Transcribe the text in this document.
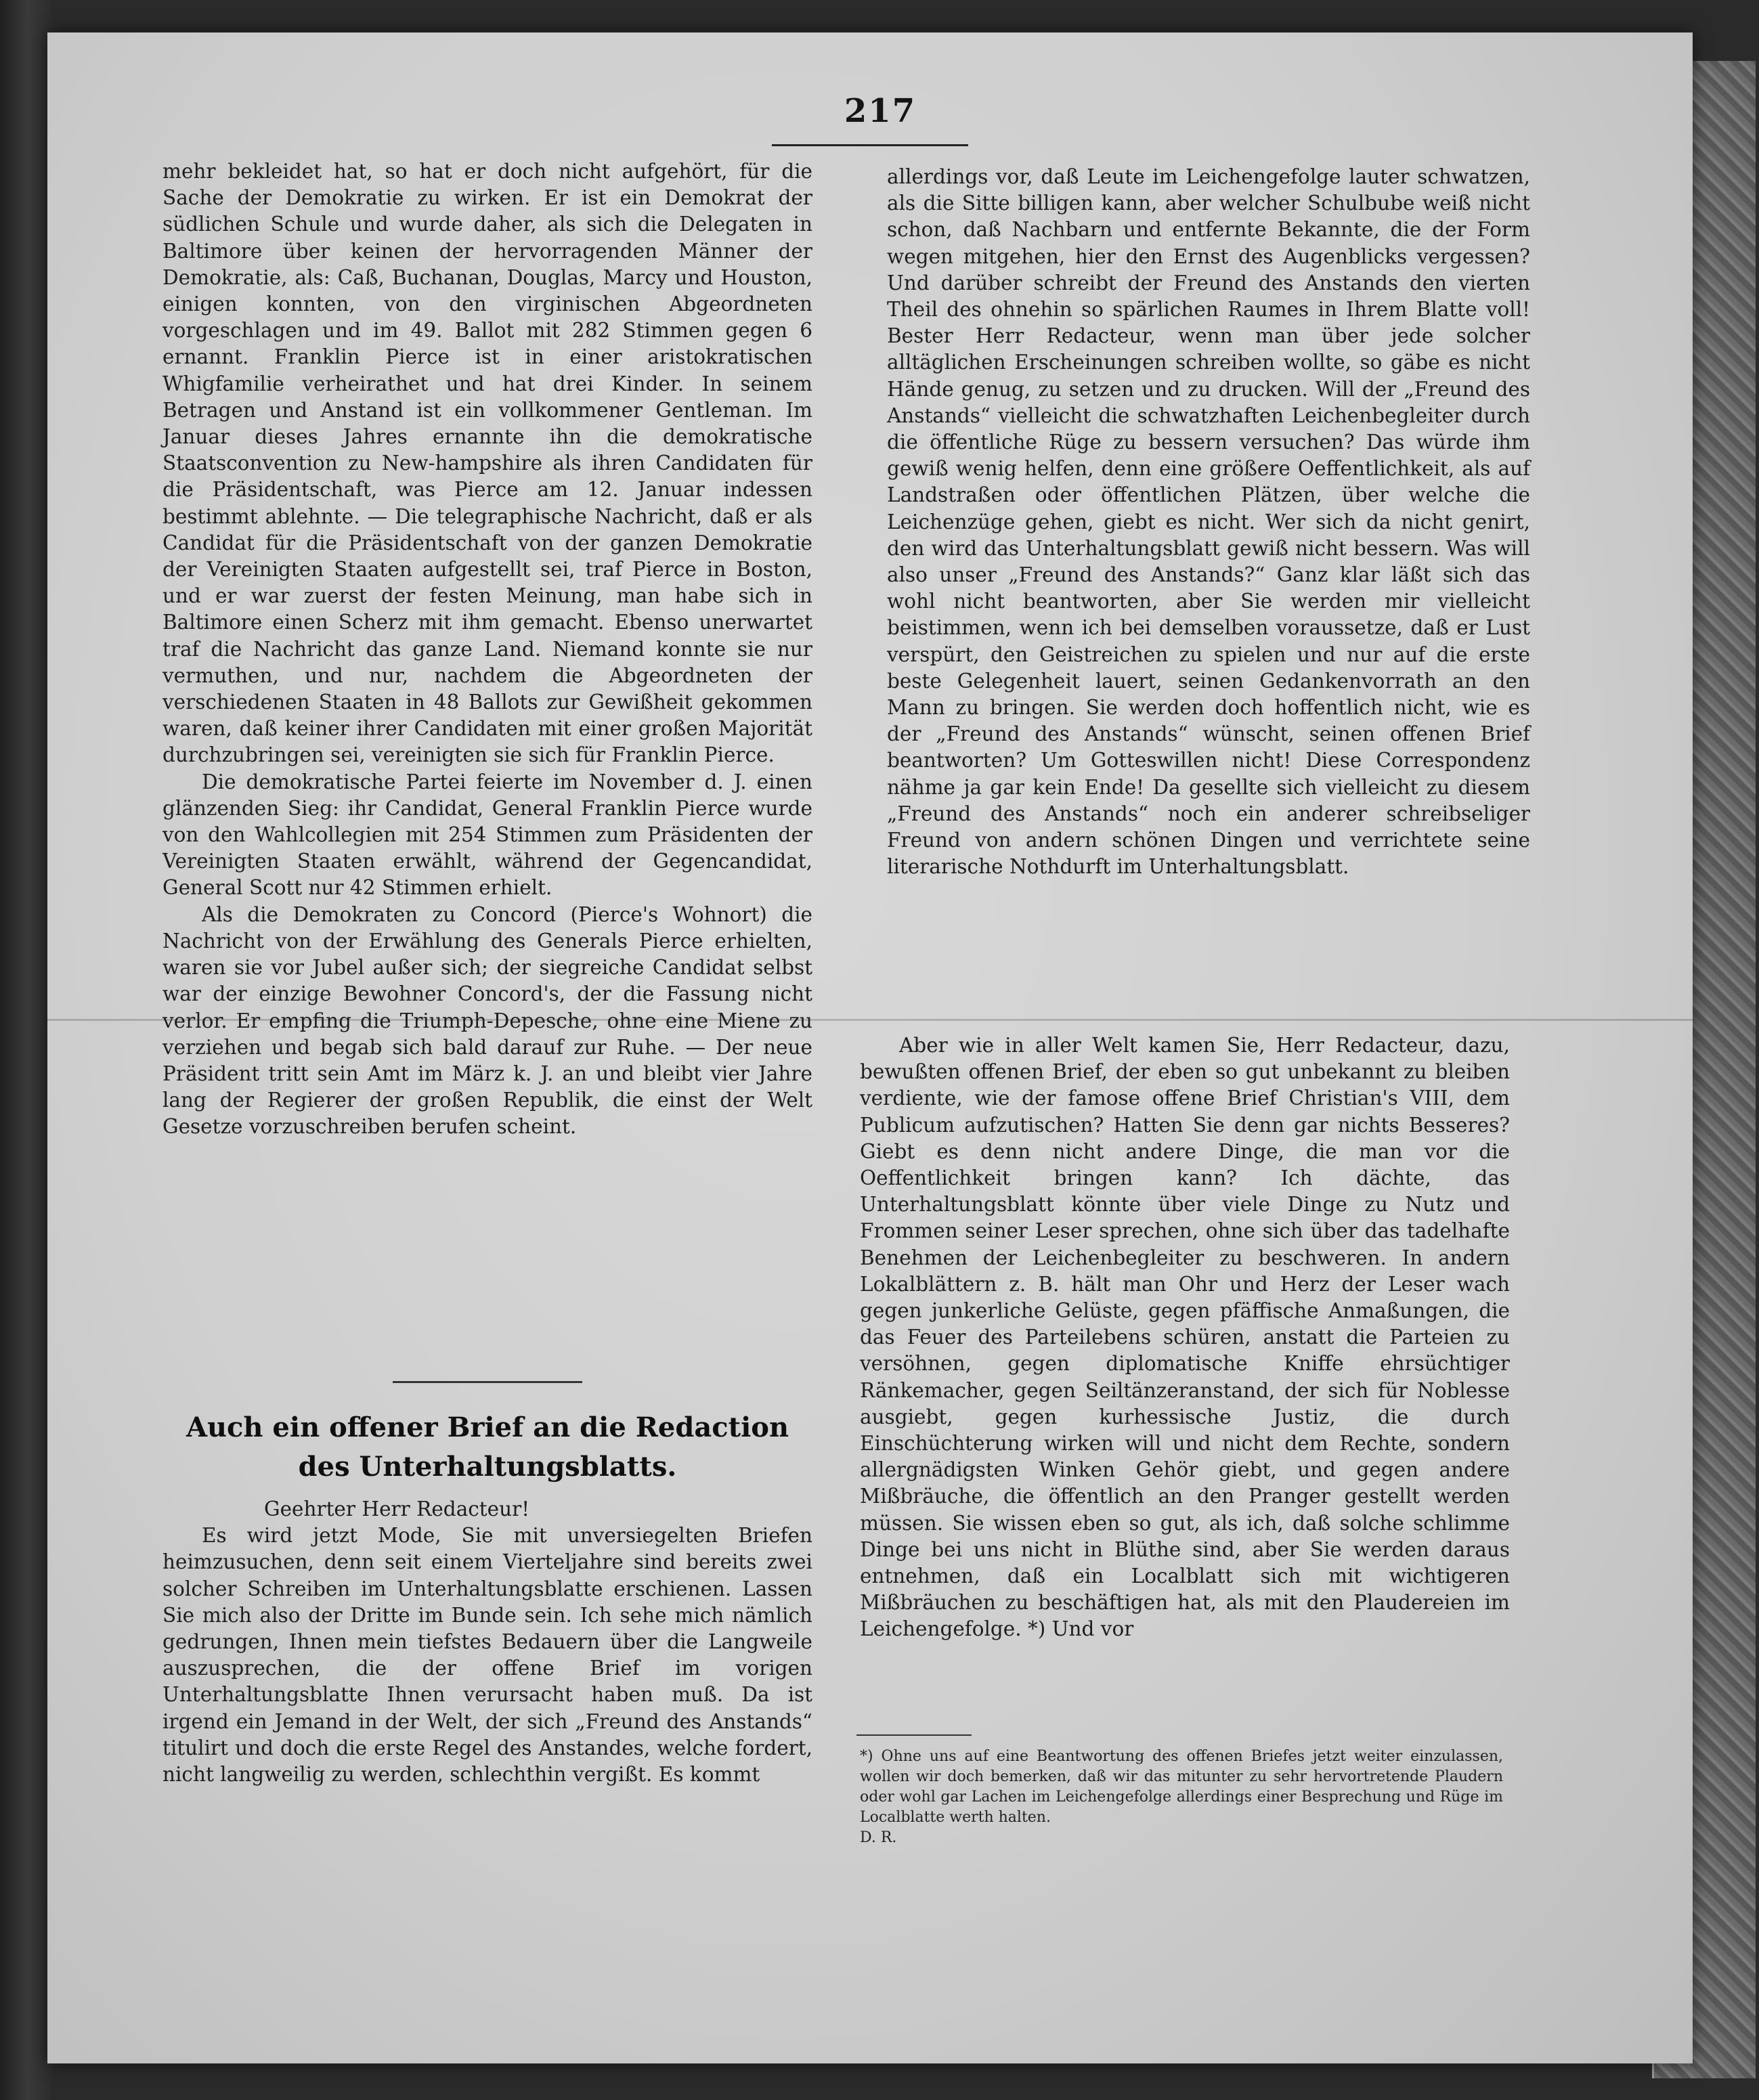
217

mehr bekleidet hat, so hat er doch nicht aufgehört, für die Sache der Demokratie zu wirken. Er ist ein Demokrat der südlichen Schule und wurde daher, als sich die Delegaten in Baltimore über keinen der hervorragenden Männer der Demokratie, als: Caß, Buchanan, Douglas, Marcy und Houston, einigen konnten, von den virginischen Abgeordneten vorgeschlagen und im 49. Ballot mit 282 Stimmen gegen 6 ernannt. Franklin Pierce ist in einer aristokratischen Whigfamilie verheirathet und hat drei Kinder. In seinem Betragen und Anstand ist ein vollkommener Gentleman. Im Januar dieses Jahres ernannte ihn die demokratische Staatsconvention zu New-hampshire als ihren Candidaten für die Präsidentschaft, was Pierce am 12. Januar indessen bestimmt ablehnte. — Die telegraphische Nachricht, daß er als Candidat für die Präsidentschaft von der ganzen Demokratie der Vereinigten Staaten aufgestellt sei, traf Pierce in Boston, und er war zuerst der festen Meinung, man habe sich in Baltimore einen Scherz mit ihm gemacht. Ebenso unerwartet traf die Nachricht das ganze Land. Niemand konnte sie nur vermuthen, und nur, nachdem die Abgeordneten der verschiedenen Staaten in 48 Ballots zur Gewißheit gekommen waren, daß keiner ihrer Candidaten mit einer großen Majorität durchzubringen sei, vereinigten sie sich für Franklin Pierce.

Die demokratische Partei feierte im November d. J. einen glänzenden Sieg: ihr Candidat, General Franklin Pierce wurde von den Wahlcollegien mit 254 Stimmen zum Präsidenten der Vereinigten Staaten erwählt, während der Gegencandidat, General Scott nur 42 Stimmen erhielt.

Als die Demokraten zu Concord (Pierce's Wohnort) die Nachricht von der Erwählung des Generals Pierce erhielten, waren sie vor Jubel außer sich; der siegreiche Candidat selbst war der einzige Bewohner Concord's, der die Fassung nicht verlor. Er empfing die Triumph-Depesche, ohne eine Miene zu verziehen und begab sich bald darauf zur Ruhe. — Der neue Präsident tritt sein Amt im März k. J. an und bleibt vier Jahre lang der Regierer der großen Republik, die einst der Welt Gesetze vorzuschreiben berufen scheint.

Auch ein offener Brief an die Redaction des Unterhaltungsblatts.

Geehrter Herr Redacteur!

Es wird jetzt Mode, Sie mit unversiegelten Briefen heimzusuchen, denn seit einem Vierteljahre sind bereits zwei solcher Schreiben im Unterhaltungsblatte erschienen. Lassen Sie mich also der Dritte im Bunde sein. Ich sehe mich nämlich gedrungen, Ihnen mein tiefstes Bedauern über die Langweile auszusprechen, die der offene Brief im vorigen Unterhaltungsblatte Ihnen verursacht haben muß. Da ist irgend ein Jemand in der Welt, der sich „Freund des Anstands“ titulirt und doch die erste Regel des Anstandes, welche fordert, nicht langweilig zu werden, schlechthin vergißt. Es kommt

allerdings vor, daß Leute im Leichengefolge lauter schwatzen, als die Sitte billigen kann, aber welcher Schulbube weiß nicht schon, daß Nachbarn und entfernte Bekannte, die der Form wegen mitgehen, hier den Ernst des Augenblicks vergessen? Und darüber schreibt der Freund des Anstands den vierten Theil des ohnehin so spärlichen Raumes in Ihrem Blatte voll! Bester Herr Redacteur, wenn man über jede solcher alltäglichen Erscheinungen schreiben wollte, so gäbe es nicht Hände genug, zu setzen und zu drucken. Will der „Freund des Anstands“ vielleicht die schwatzhaften Leichenbegleiter durch die öffentliche Rüge zu bessern versuchen? Das würde ihm gewiß wenig helfen, denn eine größere Oeffentlichkeit, als auf Landstraßen oder öffentlichen Plätzen, über welche die Leichenzüge gehen, giebt es nicht. Wer sich da nicht genirt, den wird das Unterhaltungsblatt gewiß nicht bessern. Was will also unser „Freund des Anstands?“ Ganz klar läßt sich das wohl nicht beantworten, aber Sie werden mir vielleicht beistimmen, wenn ich bei demselben voraussetze, daß er Lust verspürt, den Geistreichen zu spielen und nur auf die erste beste Gelegenheit lauert, seinen Gedankenvorrath an den Mann zu bringen. Sie werden doch hoffentlich nicht, wie es der „Freund des Anstands“ wünscht, seinen offenen Brief beantworten? Um Gotteswillen nicht! Diese Correspondenz nähme ja gar kein Ende! Da gesellte sich vielleicht zu diesem „Freund des Anstands“ noch ein anderer schreibseliger Freund von andern schönen Dingen und verrichtete seine literarische Nothdurft im Unterhaltungsblatt.

Aber wie in aller Welt kamen Sie, Herr Redacteur, dazu, bewußten offenen Brief, der eben so gut unbekannt zu bleiben verdiente, wie der famose offene Brief Christian's VIII, dem Publicum aufzutischen? Hatten Sie denn gar nichts Besseres? Giebt es denn nicht andere Dinge, die man vor die Oeffentlichkeit bringen kann? Ich dächte, das Unterhaltungsblatt könnte über viele Dinge zu Nutz und Frommen seiner Leser sprechen, ohne sich über das tadelhafte Benehmen der Leichenbegleiter zu beschweren. In andern Lokalblättern z. B. hält man Ohr und Herz der Leser wach gegen junkerliche Gelüste, gegen pfäffische Anmaßungen, die das Feuer des Parteilebens schüren, anstatt die Parteien zu versöhnen, gegen diplomatische Kniffe ehrsüchtiger Ränkemacher, gegen Seiltänzeranstand, der sich für Noblesse ausgiebt, gegen kurhessische Justiz, die durch Einschüchterung wirken will und nicht dem Rechte, sondern allergnädigsten Winken Gehör giebt, und gegen andere Mißbräuche, die öffentlich an den Pranger gestellt werden müssen. Sie wissen eben so gut, als ich, daß solche schlimme Dinge bei uns nicht in Blüthe sind, aber Sie werden daraus entnehmen, daß ein Localblatt sich mit wichtigeren Mißbräuchen zu beschäftigen hat, als mit den Plaudereien im Leichengefolge. *) Und vor

*) Ohne uns auf eine Beantwortung des offenen Briefes jetzt weiter einzulassen, wollen wir doch bemerken, daß wir das mitunter zu sehr hervortretende Plaudern oder wohl gar Lachen im Leichengefolge allerdings einer Besprechung und Rüge im Localblatte werth halten.

D. R.
